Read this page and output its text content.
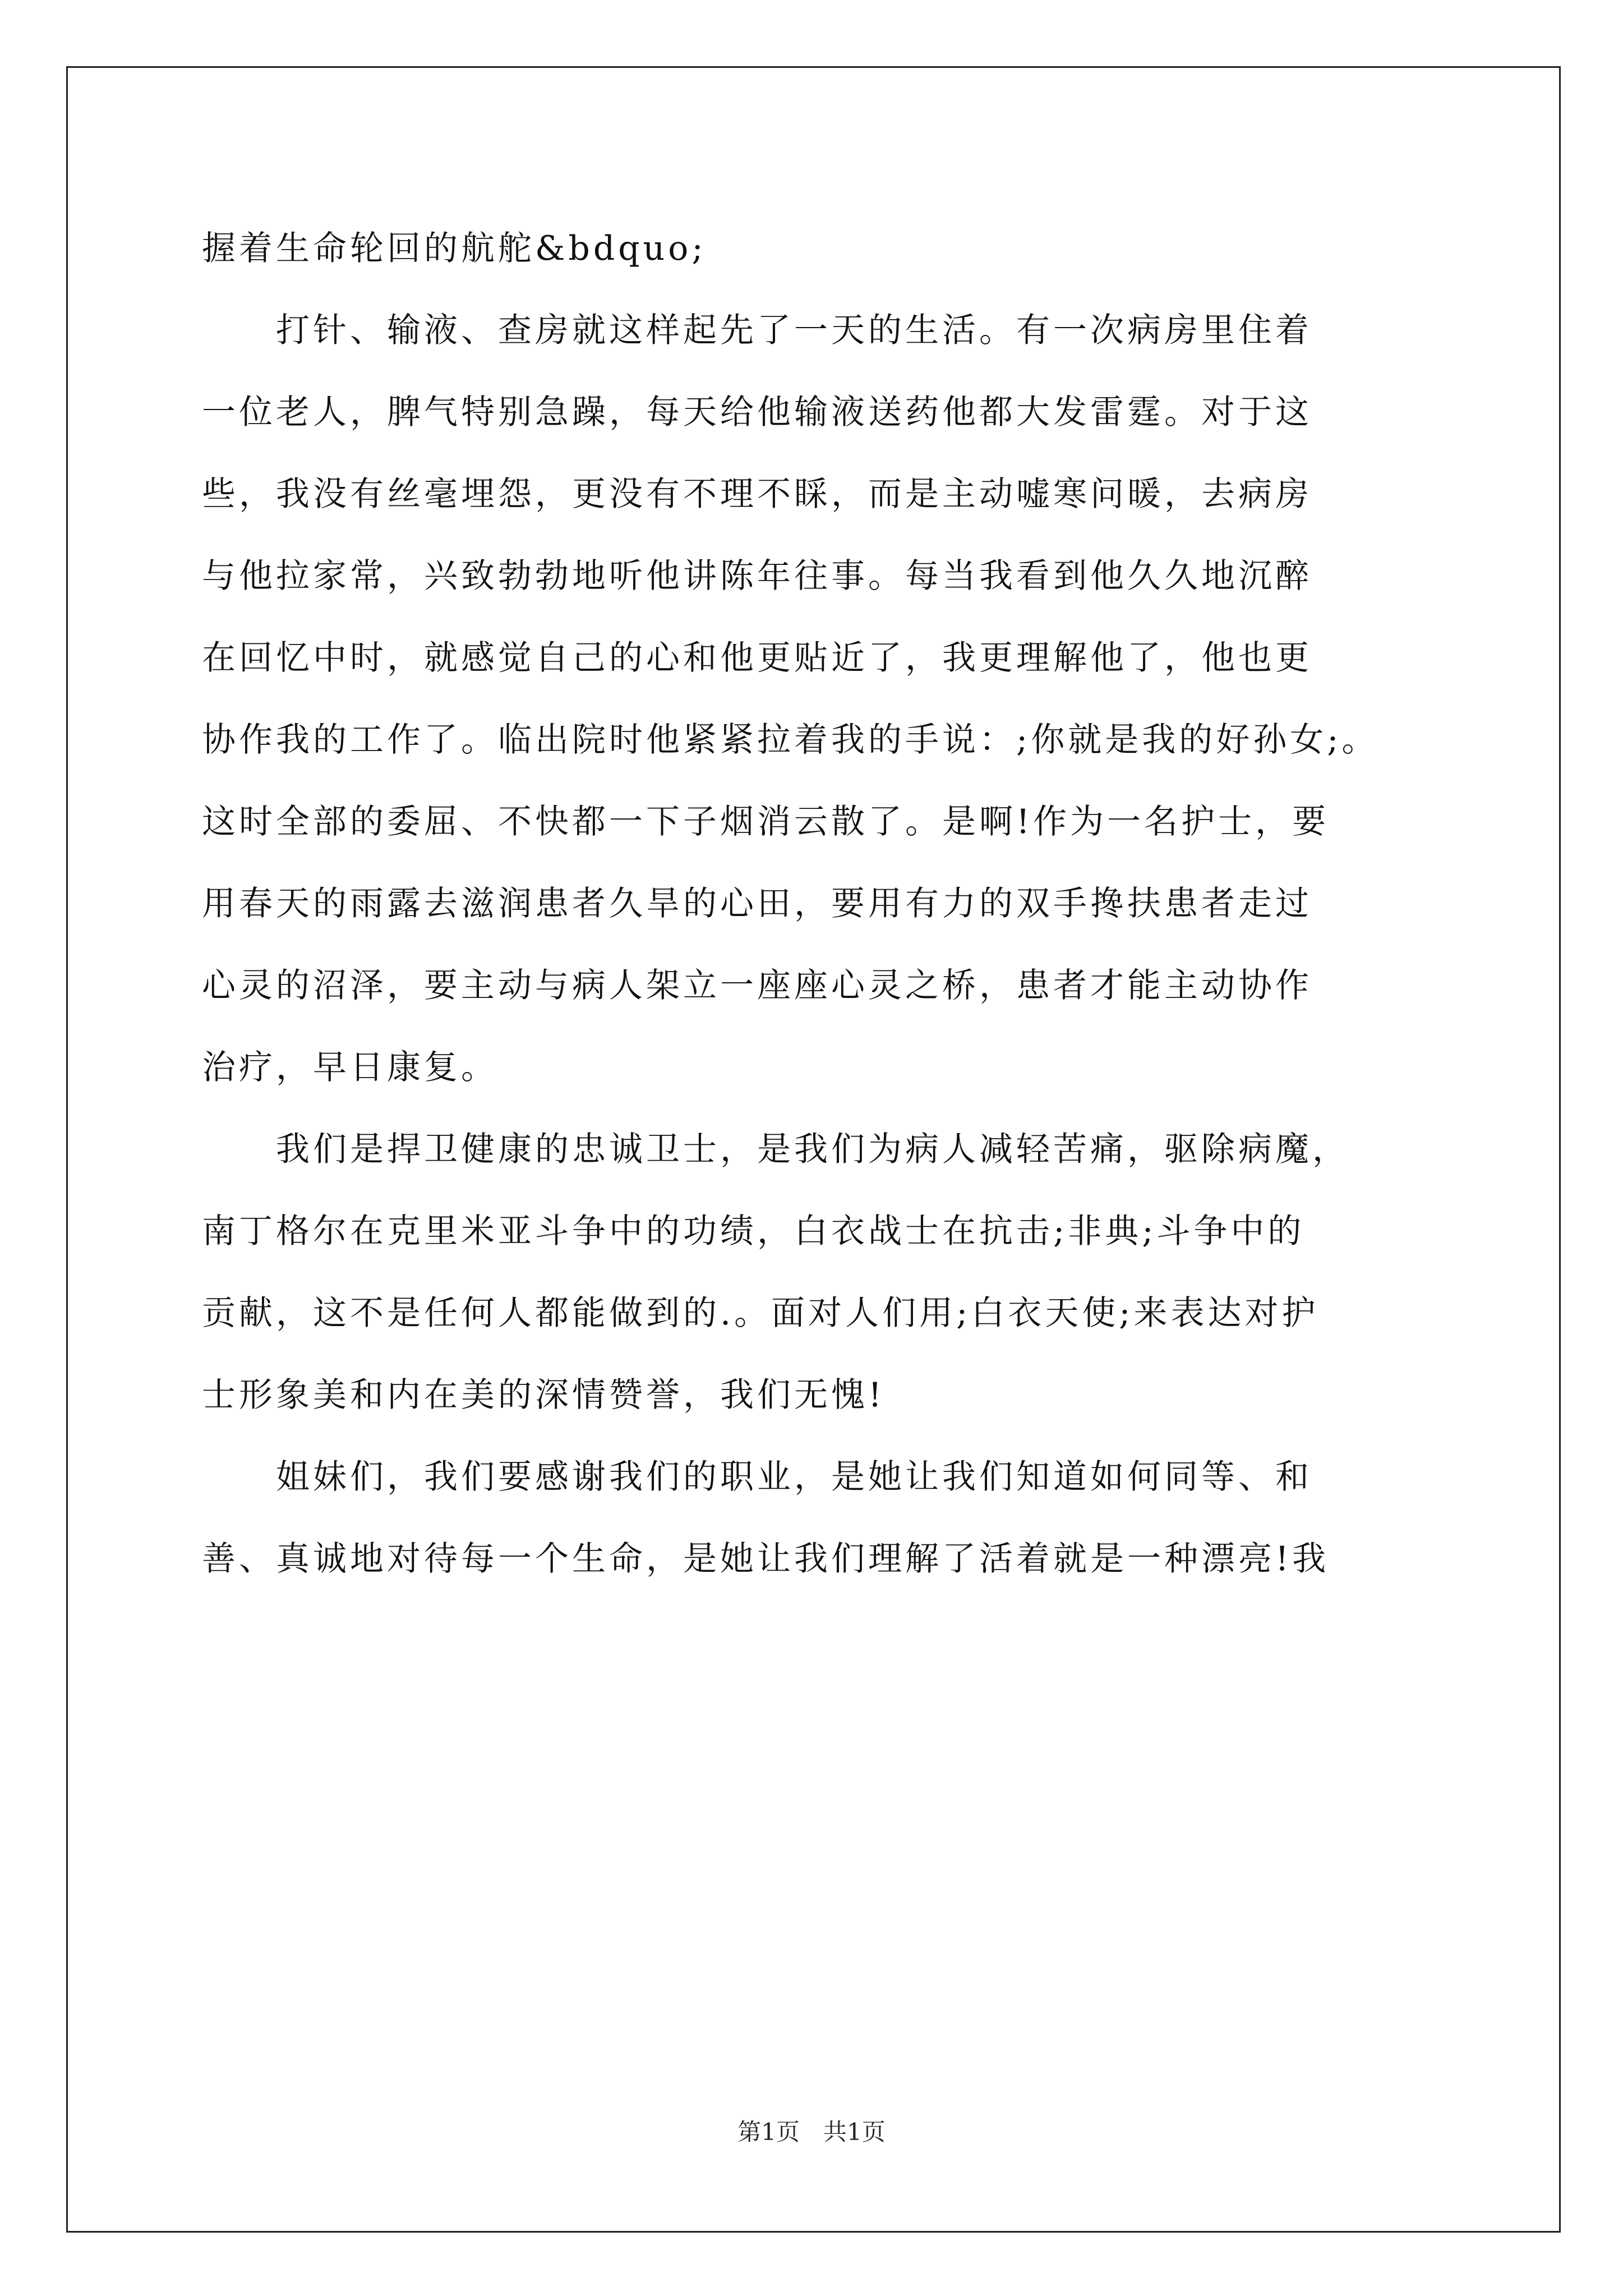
握着生命轮回的航舵&bdquo;
打针、输液、查房就这样起先了一天的生活。有一次病房里住着
一位老人，脾气特别急躁，每天给他输液送药他都大发雷霆。对于这
些，我没有丝毫埋怨，更没有不理不睬，而是主动嘘寒问暖，去病房
与他拉家常，兴致勃勃地听他讲陈年往事。每当我看到他久久地沉醉
在回忆中时，就感觉自己的心和他更贴近了，我更理解他了，他也更
协作我的工作了。临出院时他紧紧拉着我的手说：;你就是我的好孙女;。
这时全部的委屈、不快都一下子烟消云散了。是啊!作为一名护士，要
用春天的雨露去滋润患者久旱的心田，要用有力的双手搀扶患者走过
心灵的沼泽，要主动与病人架立一座座心灵之桥，患者才能主动协作
治疗，早日康复。
我们是捍卫健康的忠诚卫士，是我们为病人减轻苦痛，驱除病魔，
南丁格尔在克里米亚斗争中的功绩，白衣战士在抗击;非典;斗争中的
贡献，这不是任何人都能做到的.。面对人们用;白衣天使;来表达对护
士形象美和内在美的深情赞誉，我们无愧!
姐妹们，我们要感谢我们的职业，是她让我们知道如何同等、和
善、真诚地对待每一个生命，是她让我们理解了活着就是一种漂亮!我
第1页　共1页
